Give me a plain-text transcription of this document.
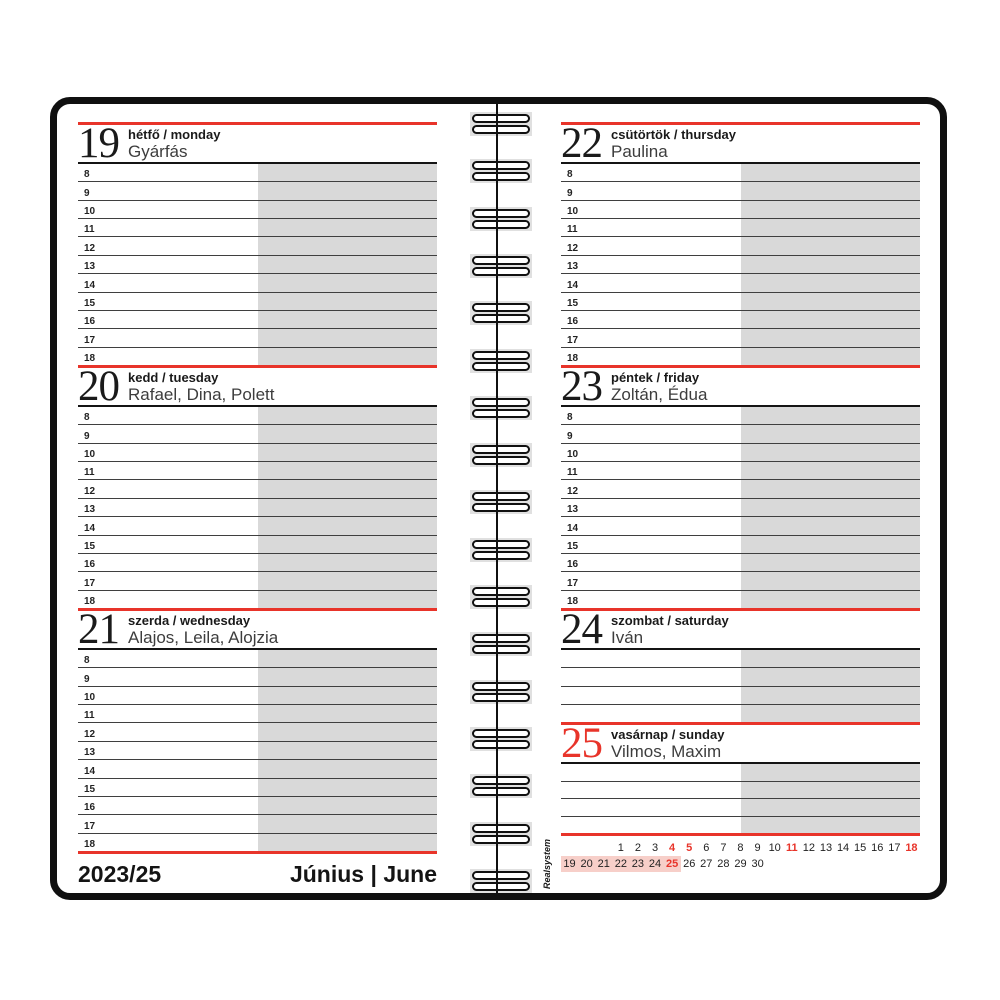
19 hétfő / monday
Gyárfás
8
9
10
11
12
13
14
15
16
17
18
20 kedd / tuesday
Rafael, Dina, Polett
8
9
10
11
12
13
14
15
16
17
18
21 szerda / wednesday
Alajos, Leila, Alojzia
8
9
10
11
12
13
14
15
16
17
18
2023/25	Június | June
22 csütörtök / thursday
Paulina
8
9
10
11
12
13
14
15
16
17
18
23 péntek / friday
Zoltán, Édua
8
9
10
11
12
13
14
15
16
17
18
24 szombat / saturday
Iván
25 vasárnap / sunday
Vilmos, Maxim
1 2 3 4 5 6 7 8 9 10 11 12 13 14 15 16 17 18
19 20 21 22 23 24 25 26 27 28 29 30
Realsystem
